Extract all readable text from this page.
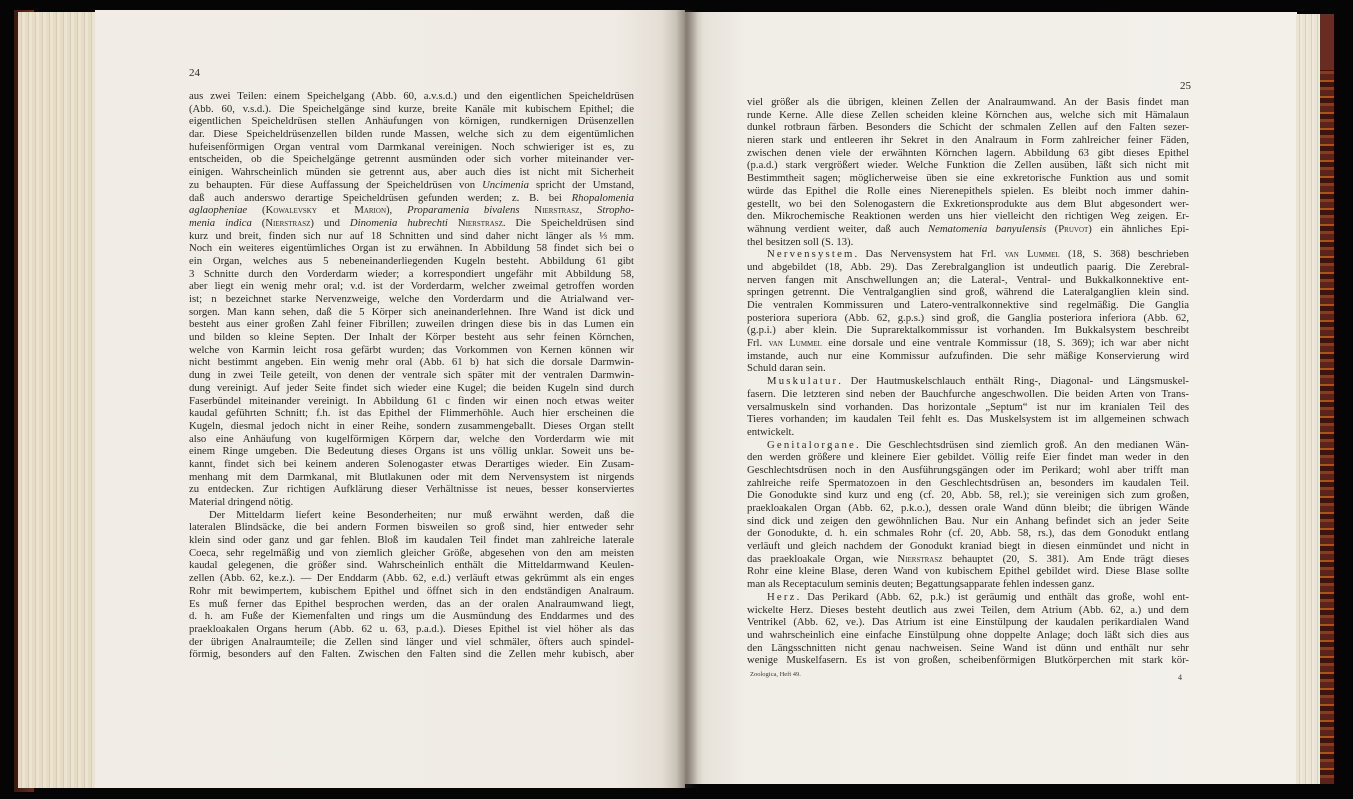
24
aus zwei Teilen: einem Speichelgang (Abb. 60, a.v.s.d.) und den eigentlichen Speicheldrüsen
(Abb. 60, v.s.d.). Die Speichelgänge sind kurze, breite Kanäle mit kubischem Epithel; die
eigentlichen Speicheldrüsen stellen Anhäufungen von körnigen, rundkernigen Drüsenzellen
dar. Diese Speicheldrüsenzellen bilden runde Massen, welche sich zu dem eigentümlichen
hufeisenförmigen Organ ventral vom Darmkanal vereinigen. Noch schwieriger ist es, zu
entscheiden, ob die Speichelgänge getrennt ausmünden oder sich vorher miteinander ver-
einigen. Wahrscheinlich münden sie getrennt aus, aber auch dies ist nicht mit Sicherheit
zu behaupten. Für diese Auffassung der Speicheldrüsen von Uncimenia spricht der Umstand,
daß auch anderswo derartige Speicheldrüsen gefunden werden; z. B. bei Rhopalomenia
aglaopheniae (Kowalevsky et Marion), Proparamenia bivalens Nierstrasz, Stropho-
menia indica (Nierstrasz) und Dinomenia hubrechti Nierstrasz. Die Speicheldrüsen sind
kurz und breit, finden sich nur auf 18 Schnitten und sind daher nicht länger als ⅓ mm.
Noch ein weiteres eigentümliches Organ ist zu erwähnen. In Abbildung 58 findet sich bei o
ein Organ, welches aus 5 nebeneinanderliegenden Kugeln besteht. Abbildung 61 gibt
3 Schnitte durch den Vorderdarm wieder; a korrespondiert ungefähr mit Abbildung 58,
aber liegt ein wenig mehr oral; v.d. ist der Vorderdarm, welcher zweimal getroffen worden
ist; n bezeichnet starke Nervenzweige, welche den Vorderdarm und die Atrialwand ver-
sorgen. Man kann sehen, daß die 5 Körper sich aneinanderlehnen. Ihre Wand ist dick und
besteht aus einer großen Zahl feiner Fibrillen; zuweilen dringen diese bis in das Lumen ein
und bilden so kleine Septen. Der Inhalt der Körper besteht aus sehr feinen Körnchen,
welche von Karmin leicht rosa gefärbt wurden; das Vorkommen von Kernen können wir
nicht bestimmt angeben. Ein wenig mehr oral (Abb. 61 b) hat sich die dorsale Darmwin-
dung in zwei Teile geteilt, von denen der ventrale sich später mit der ventralen Darmwin-
dung vereinigt. Auf jeder Seite findet sich wieder eine Kugel; die beiden Kugeln sind durch
Faserbündel miteinander vereinigt. In Abbildung 61 c finden wir einen noch etwas weiter
kaudal geführten Schnitt; f.h. ist das Epithel der Flimmerhöhle. Auch hier erscheinen die
Kugeln, diesmal jedoch nicht in einer Reihe, sondern zusammengeballt. Dieses Organ stellt
also eine Anhäufung von kugelförmigen Körpern dar, welche den Vorderdarm wie mit
einem Ringe umgeben. Die Bedeutung dieses Organs ist uns völlig unklar. Soweit uns be-
kannt, findet sich bei keinem anderen Solenogaster etwas Derartiges wieder. Ein Zusam-
menhang mit dem Darmkanal, mit Blutlakunen oder mit dem Nervensystem ist nirgends
zu entdecken. Zur richtigen Aufklärung dieser Verhältnisse ist neues, besser konserviertes
Material dringend nötig.
Der Mitteldarm liefert keine Besonderheiten; nur muß erwähnt werden, daß die
lateralen Blindsäcke, die bei andern Formen bisweilen so groß sind, hier entweder sehr
klein sind oder ganz und gar fehlen. Bloß im kaudalen Teil findet man zahlreiche laterale
Coeca, sehr regelmäßig und von ziemlich gleicher Größe, abgesehen von den am meisten
kaudal gelegenen, die größer sind. Wahrscheinlich enthält die Mitteldarmwand Keulen-
zellen (Abb. 62, ke.z.). — Der Enddarm (Abb. 62, e.d.) verläuft etwas gekrümmt als ein enges
Rohr mit bewimpertem, kubischem Epithel und öffnet sich in den endständigen Analraum.
Es muß ferner das Epithel besprochen werden, das an der oralen Analraumwand liegt,
d. h. am Fuße der Kiemenfalten und rings um die Ausmündung des Enddarmes und des
praekloakalen Organs herum (Abb. 62 u. 63, p.a.d.). Dieses Epithel ist viel höher als das
der übrigen Analraumteile; die Zellen sind länger und viel schmäler, öfters auch spindel-
förmig, besonders auf den Falten. Zwischen den Falten sind die Zellen mehr kubisch, aber
25
viel größer als die übrigen, kleinen Zellen der Analraumwand. An der Basis findet man
runde Kerne. Alle diese Zellen scheiden kleine Körnchen aus, welche sich mit Hämalaun
dunkel rotbraun färben. Besonders die Schicht der schmalen Zellen auf den Falten sezer-
nieren stark und entleeren ihr Sekret in den Analraum in Form zahlreicher feiner Fäden,
zwischen denen viele der erwähnten Körnchen lagern. Abbildung 63 gibt dieses Epithel
(p.a.d.) stark vergrößert wieder. Welche Funktion die Zellen ausüben, läßt sich nicht mit
Bestimmtheit sagen; möglicherweise üben sie eine exkretorische Funktion aus und somit
würde das Epithel die Rolle eines Nierenepithels spielen. Es bleibt noch immer dahin-
gestellt, wo bei den Solenogastern die Exkretionsprodukte aus dem Blut abgesondert wer-
den. Mikrochemische Reaktionen werden uns hier vielleicht den richtigen Weg zeigen. Er-
wähnung verdient weiter, daß auch Nematomenia banyulensis (Pruvot) ein ähnliches Epi-
thel besitzen soll (S. 13).
Nervensystem. Das Nervensystem hat Frl. van Lummel (18, S. 368) beschrieben
und abgebildet (18, Abb. 29). Das Zerebralganglion ist undeutlich paarig. Die Zerebral-
nerven fangen mit Anschwellungen an; die Lateral-, Ventral- und Bukkalkonnektive ent-
springen getrennt. Die Ventralganglien sind groß, während die Lateralganglien klein sind.
Die ventralen Kommissuren und Latero-ventralkonnektive sind regelmäßig. Die Ganglia
posteriora superiora (Abb. 62, g.p.s.) sind groß, die Ganglia posteriora inferiora (Abb. 62,
(g.p.i.) aber klein. Die Suprarektalkommissur ist vorhanden. Im Bukkalsystem beschreibt
Frl. van Lummel eine dorsale und eine ventrale Kommissur (18, S. 369); ich war aber nicht
imstande, auch nur eine Kommissur aufzufinden. Die sehr mäßige Konservierung wird
Schuld daran sein.
Muskulatur. Der Hautmuskelschlauch enthält Ring-, Diagonal- und Längsmuskel-
fasern. Die letzteren sind neben der Bauchfurche angeschwollen. Die beiden Arten von Trans-
versalmuskeln sind vorhanden. Das horizontale „Septum“ ist nur im kranialen Teil des
Tieres vorhanden; im kaudalen Teil fehlt es. Das Muskelsystem ist im allgemeinen schwach
entwickelt.
Genitalorgane. Die Geschlechtsdrüsen sind ziemlich groß. An den medianen Wän-
den werden größere und kleinere Eier gebildet. Völlig reife Eier findet man weder in den
Geschlechtsdrüsen noch in den Ausführungsgängen oder im Perikard; wohl aber trifft man
zahlreiche reife Spermatozoen in den Geschlechtsdrüsen an, besonders im kaudalen Teil.
Die Gonodukte sind kurz und eng (cf. 20, Abb. 58, rel.); sie vereinigen sich zum großen,
praekloakalen Organ (Abb. 62, p.k.o.), dessen orale Wand dünn bleibt; die übrigen Wände
sind dick und zeigen den gewöhnlichen Bau. Nur ein Anhang befindet sich an jeder Seite
der Gonodukte, d. h. ein schmales Rohr (cf. 20, Abb. 58, rs.), das dem Gonodukt entlang
verläuft und gleich nachdem der Gonodukt kraniad biegt in diesen einmündet und nicht in
das praekloakale Organ, wie Nierstrasz behauptet (20, S. 381). Am Ende trägt dieses
Rohr eine kleine Blase, deren Wand von kubischem Epithel gebildet wird. Diese Blase sollte
man als Receptaculum seminis deuten; Begattungsapparate fehlen indessen ganz.
Herz. Das Perikard (Abb. 62, p.k.) ist geräumig und enthält das große, wohl ent-
wickelte Herz. Dieses besteht deutlich aus zwei Teilen, dem Atrium (Abb. 62, a.) und dem
Ventrikel (Abb. 62, ve.). Das Atrium ist eine Einstülpung der kaudalen perikardialen Wand
und wahrscheinlich eine einfache Einstülpung ohne doppelte Anlage; doch läßt sich dies aus
den Längsschnitten nicht genau nachweisen. Seine Wand ist dünn und enthält nur sehr
wenige Muskelfasern. Es ist von großen, scheibenförmigen Blutkörperchen mit stark kör-
Zoologica, Heft 49.	4
